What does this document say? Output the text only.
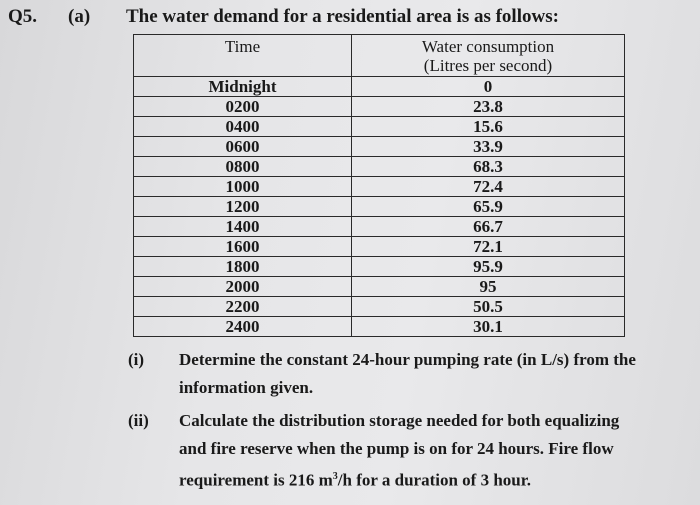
Q5. (a) The water demand for a residential area is as follows:
Time	Water consumption
(Litres per second)

Midnight	0
0200	23.8
0400	15.6
0600	33.9
0800	68.3
1000	72.4
1200	65.9
1400	66.7
1600	72.1
1800	95.9
2000	95
2200	50.5
2400	30.1
(i) Determine the constant 24-hour pumping rate (in L/s) from the
information given.
(ii) Calculate the distribution storage needed for both equalizing
and fire reserve when the pump is on for 24 hours. Fire flow
requirement is 216 $m^3/h$ for a duration of 3 hour.
